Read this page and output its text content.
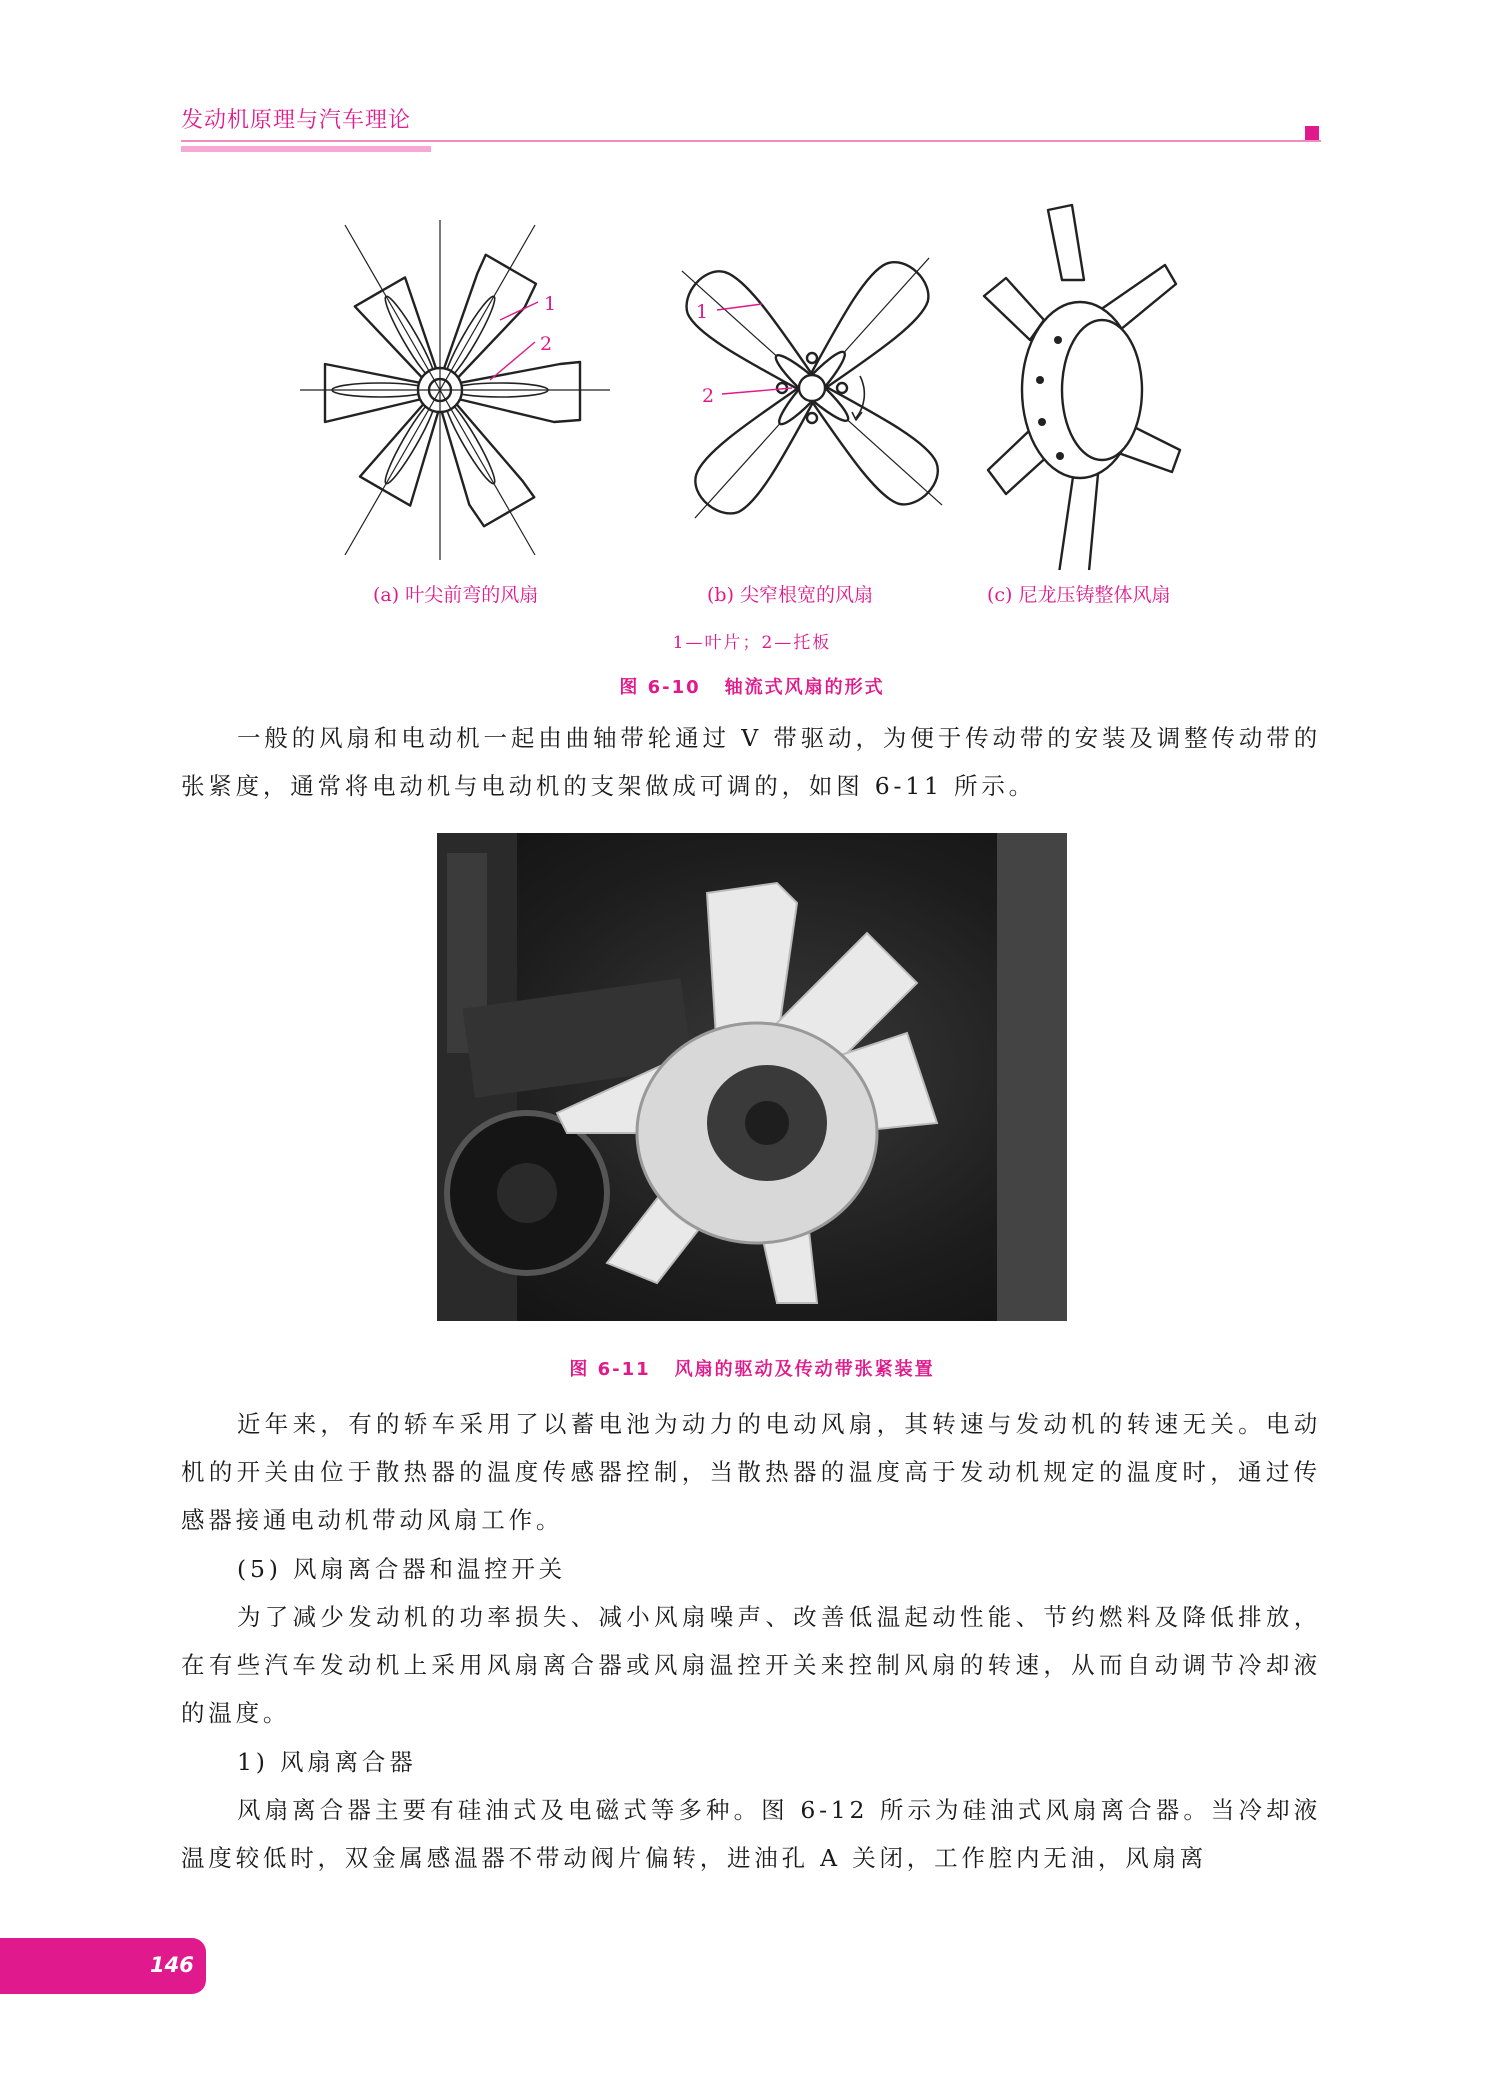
发动机原理与汽车理论
1
2
1
2
(a) 叶尖前弯的风扇	(b) 尖窄根宽的风扇	(c) 尼龙压铸整体风扇
1—叶片；2—托板
图 6-10 轴流式风扇的形式

一般的风扇和电动机一起由曲轴带轮通过 V 带驱动，为便于传动带的安装及调整传动带的张紧度，通常将电动机与电动机的支架做成可调的，如图 6-11 所示。

图 6-11 风扇的驱动及传动带张紧装置

近年来，有的轿车采用了以蓄电池为动力的电动风扇，其转速与发动机的转速无关。电动机的开关由位于散热器的温度传感器控制，当散热器的温度高于发动机规定的温度时，通过传感器接通电动机带动风扇工作。

(5) 风扇离合器和温控开关

为了减少发动机的功率损失、减小风扇噪声、改善低温起动性能、节约燃料及降低排放，在有些汽车发动机上采用风扇离合器或风扇温控开关来控制风扇的转速，从而自动调节冷却液的温度。

1) 风扇离合器

风扇离合器主要有硅油式及电磁式等多种。图 6-12 所示为硅油式风扇离合器。当冷却液温度较低时，双金属感温器不带动阀片偏转，进油孔 A 关闭，工作腔内无油，风扇离

146
